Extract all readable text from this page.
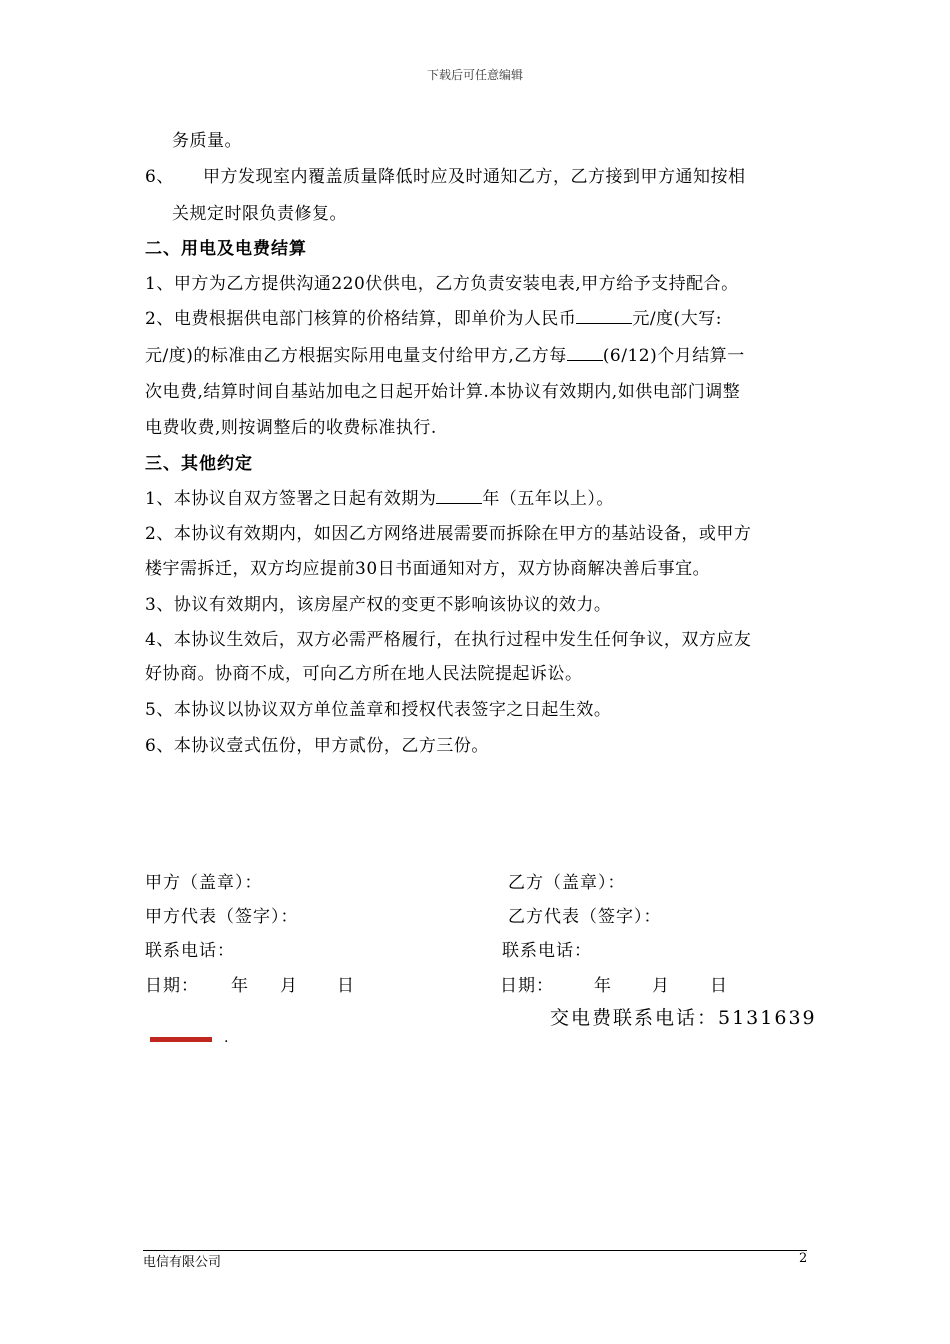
下载后可任意编辑
务质量。
6、 甲方发现室内覆盖质量降低时应及时通知乙方，乙方接到甲方通知按相
关规定时限负责修复。
二、用电及电费结算
1、甲方为乙方提供沟通220伏供电，乙方负责安装电表,甲方给予支持配合。
2、电费根据供电部门核算的价格结算，即单价为人民币	元/度(大写:
元/度)的标准由乙方根据实际用电量支付给甲方,乙方每 (6/12)个月结算一
次电费,结算时间自基站加电之日起开始计算.本协议有效期内,如供电部门调整
电费收费,则按调整后的收费标准执行.
三、其他约定
1、本协议自双方签署之日起有效期为	年（五年以上）。
2、本协议有效期内，如因乙方网络进展需要而拆除在甲方的基站设备，或甲方
楼宇需拆迁，双方均应提前30日书面通知对方，双方协商解决善后事宜。
3、协议有效期内，该房屋产权的变更不影响该协议的效力。
4、本协议生效后，双方必需严格履行，在执行过程中发生任何争议，双方应友
好协商。协商不成，可向乙方所在地人民法院提起诉讼。
5、本协议以协议双方单位盖章和授权代表签字之日起生效。
6、本协议壹式伍份，甲方贰份，乙方三份。
甲方（盖章）：	乙方（盖章）：
甲方代表（签字）：	乙方代表（签字）：
联系电话：	联系电话：
日期： 年 月 日	日期： 年 月 日
交电费联系电话：5131639
.
电信有限公司	2
